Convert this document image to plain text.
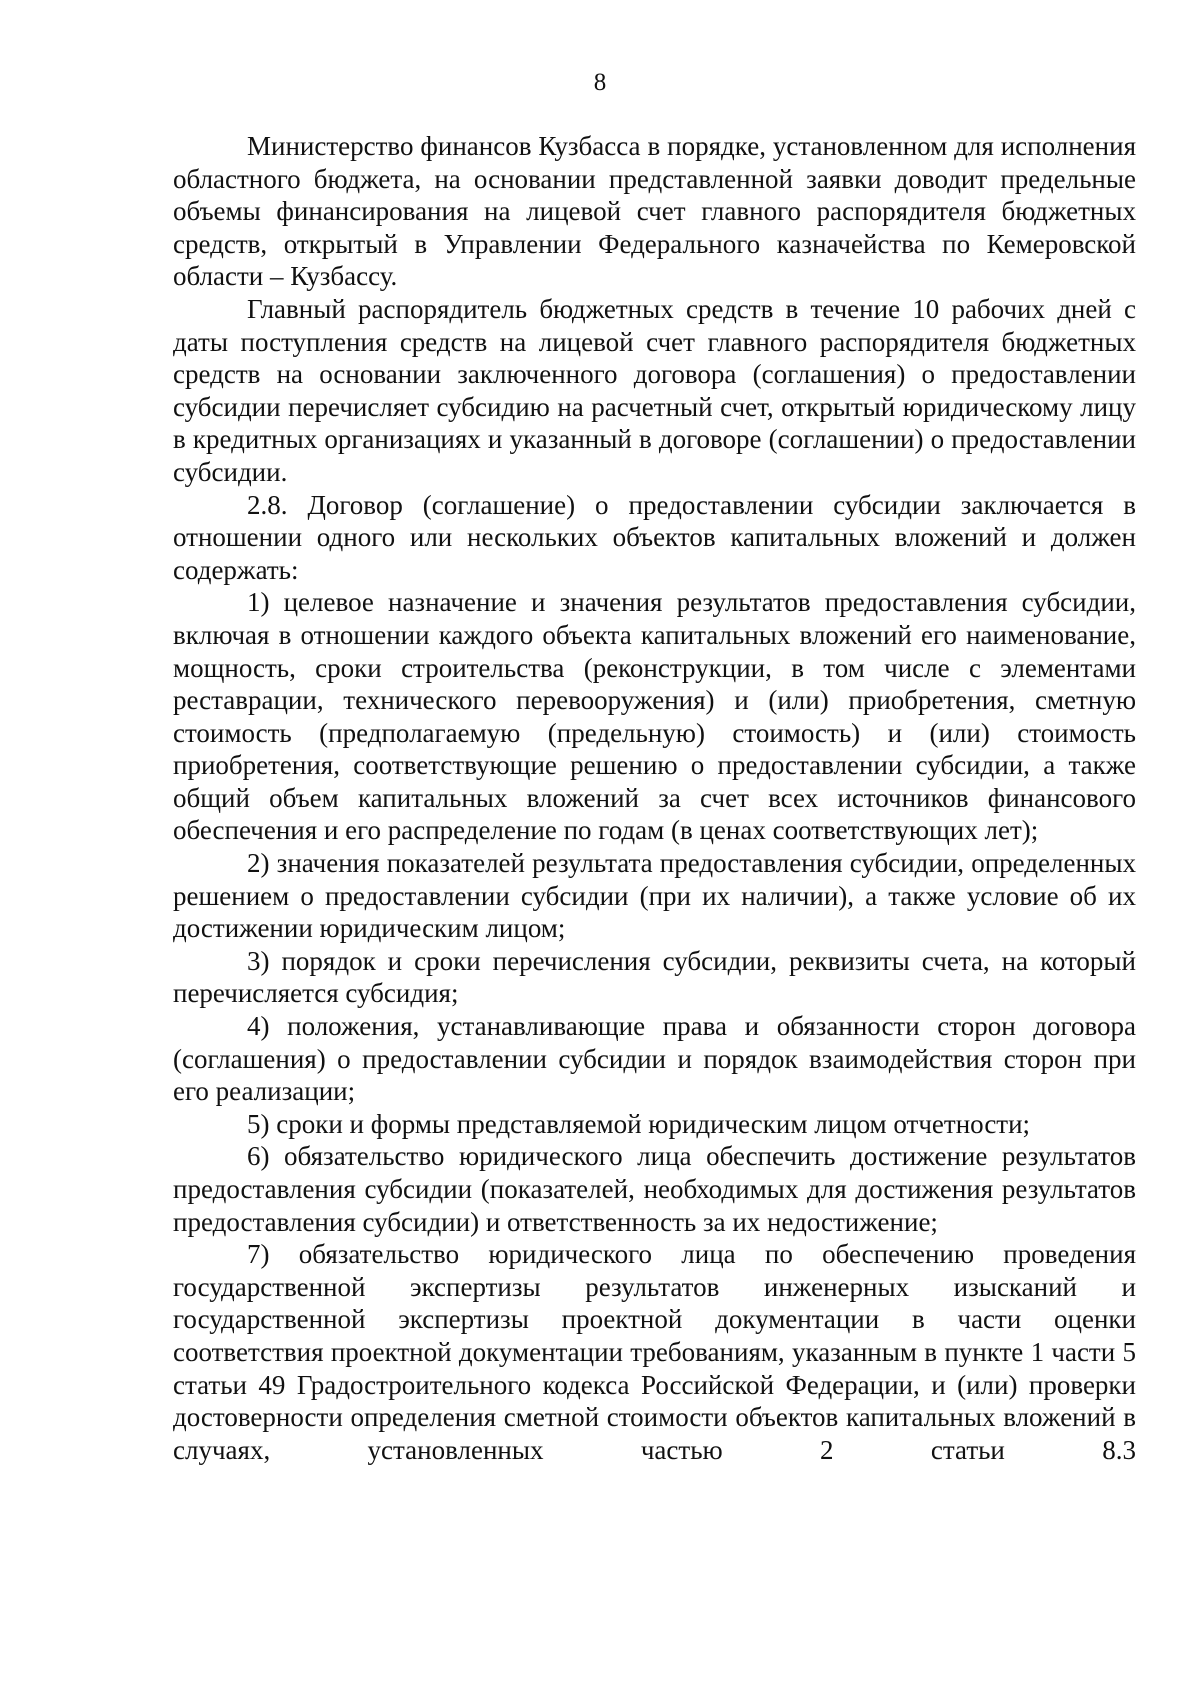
8

Министерство финансов Кузбасса в порядке, установленном для исполнения областного бюджета, на основании представленной заявки доводит предельные объемы финансирования на лицевой счет главного распорядителя бюджетных средств, открытый в Управлении Федерального казначейства по Кемеровской области – Кузбассу.

Главный распорядитель бюджетных средств в течение 10 рабочих дней с даты поступления средств на лицевой счет главного распорядителя бюджетных средств на основании заключенного договора (соглашения) о предоставлении субсидии перечисляет субсидию на расчетный счет, открытый юридическому лицу в кредитных организациях и указанный в договоре (соглашении) о предоставлении субсидии.

2.8. Договор (соглашение) о предоставлении субсидии заключается в отношении одного или нескольких объектов капитальных вложений и должен содержать:

1) целевое назначение и значения результатов предоставления субсидии, включая в отношении каждого объекта капитальных вложений его наименование, мощность, сроки строительства (реконструкции, в том числе с элементами реставрации, технического перевооружения) и (или) приобретения, сметную стоимость (предполагаемую (предельную) стоимость) и (или) стоимость приобретения, соответствующие решению о предоставлении субсидии, а также общий объем капитальных вложений за счет всех источников финансового обеспечения и его распределение по годам (в ценах соответствующих лет);

2) значения показателей результата предоставления субсидии, определенных решением о предоставлении субсидии (при их наличии), а также условие об их достижении юридическим лицом;

3) порядок и сроки перечисления субсидии, реквизиты счета, на который перечисляется субсидия;

4) положения, устанавливающие права и обязанности сторон договора (соглашения) о предоставлении субсидии и порядок взаимодействия сторон при его реализации;

5) сроки и формы представляемой юридическим лицом отчетности;

6) обязательство юридического лица обеспечить достижение результатов предоставления субсидии (показателей, необходимых для достижения результатов предоставления субсидии) и ответственность за их недостижение;

7) обязательство юридического лица по обеспечению проведения государственной экспертизы результатов инженерных изысканий и государственной экспертизы проектной документации в части оценки соответствия проектной документации требованиям, указанным в пункте 1 части 5 статьи 49 Градостроительного кодекса Российской Федерации, и (или) проверки достоверности определения сметной стоимости объектов капитальных вложений в случаях, установленных частью 2 статьи 8.3
